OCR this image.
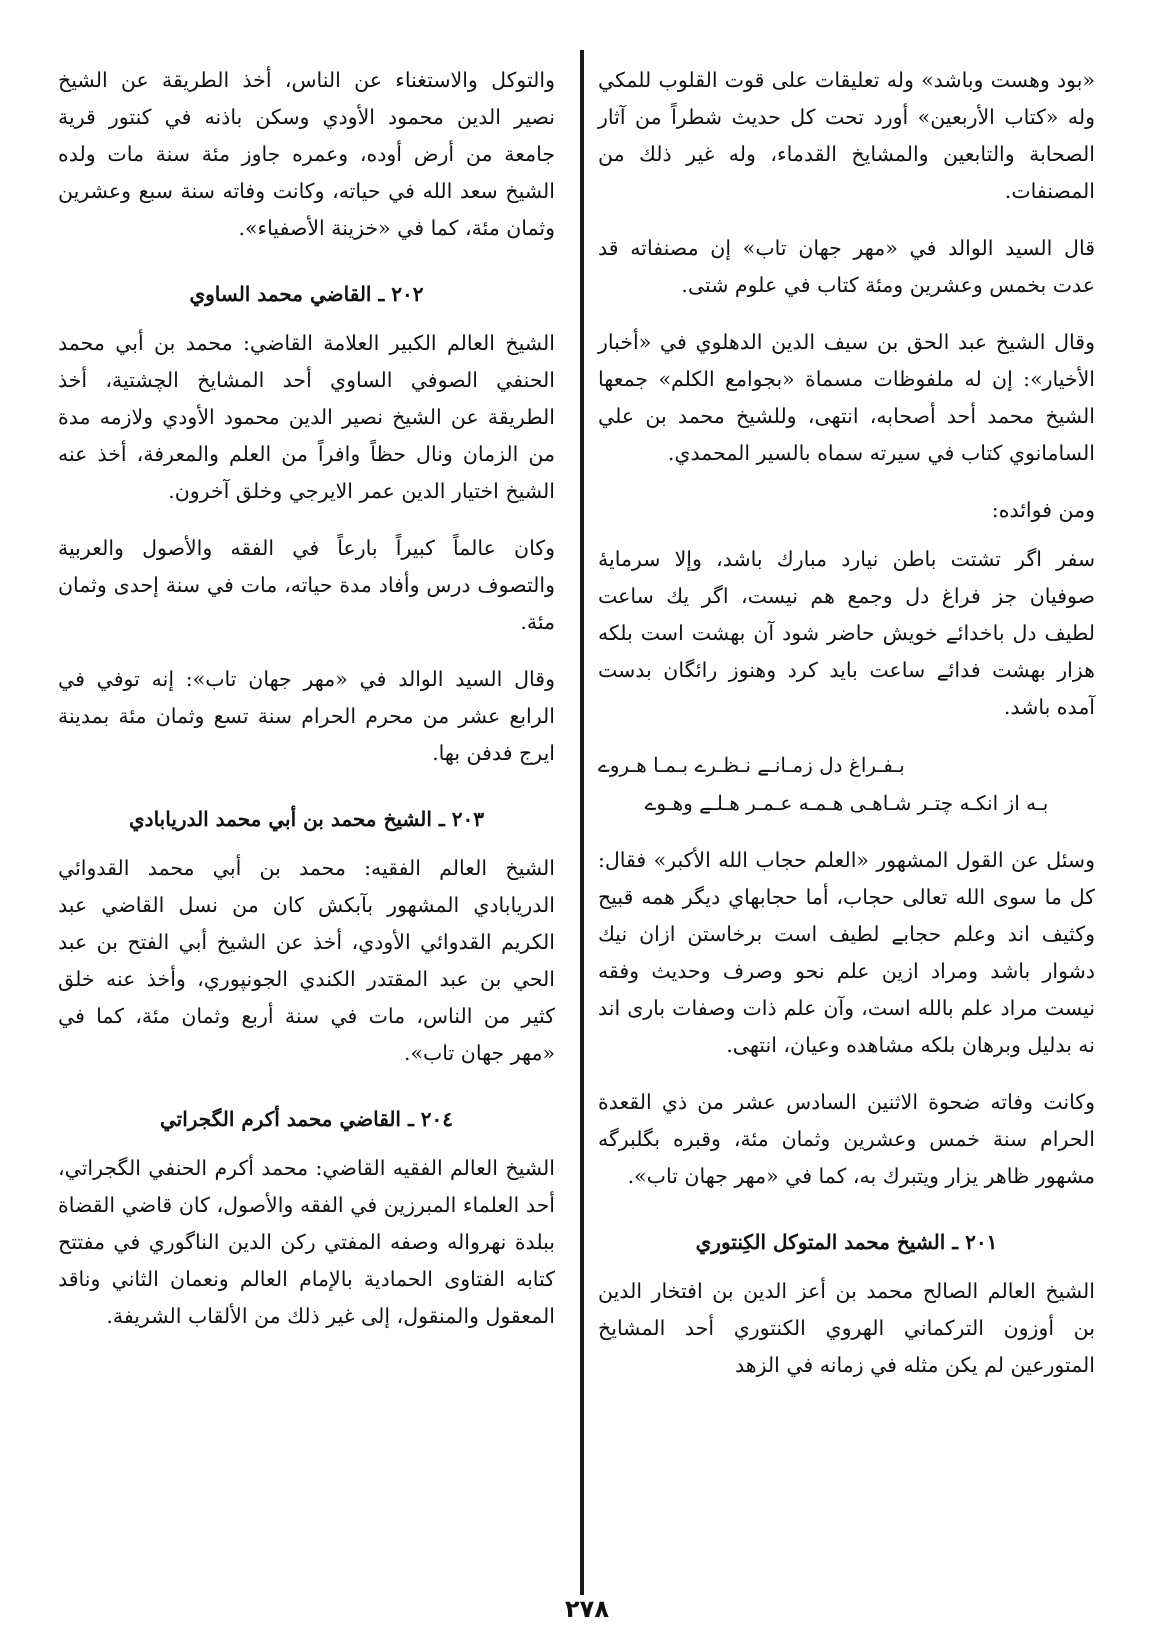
«بود وهست وباشد» وله تعليقات على قوت القلوب للمكي وله «كتاب الأربعين» أورد تحت كل حديث شطراً من آثار الصحابة والتابعين والمشايخ القدماء، وله غير ذلك من المصنفات.

قال السيد الوالد في «مهر جهان تاب» إن مصنفاته قد عدت بخمس وعشرين ومئة كتاب في علوم شتى.

وقال الشيخ عبد الحق بن سيف الدين الدهلوي في «أخبار الأخيار»: إن له ملفوظات مسماة «بجوامع الكلم» جمعها الشيخ محمد أحد أصحابه، انتهى، وللشيخ محمد بن علي السامانوي كتاب في سيرته سماه بالسير المحمدي.

ومن فوائده:

سفر اگر تشتت باطن نيارد مبارك باشد، وإلا سرمايهٔ صوفيان جز فراغ دل وجمع هم نيست، اگر يك ساعت لطيف دل باخدائے خويش حاضر شود آن بهشت است بلكه هزار بهشت فدائے ساعت بايد كرد وهنوز رائگان بدست آمده باشد.

بـفـراغ دل زمـانـے نـظـرے بـمـا هـروے

بـه از انكـه چتـر شـاهـى هـمـه عـمـر هـلـے وهـوے

وسئل عن القول المشهور «العلم حجاب الله الأكبر» فقال: كل ما سوى الله تعالى حجاب، أما حجابهاي ديگر همه قبيح وكثيف اند وعلم حجابے لطيف است برخاستن ازان نيك دشوار باشد ومراد ازين علم نحو وصرف وحديث وفقه نيست مراد علم بالله است، وآن علم ذات وصفات بارى اند نه بدليل وبرهان بلكه مشاهده وعيان، انتهى.

وكانت وفاته ضحوة الاثنين السادس عشر من ذي القعدة الحرام سنة خمس وعشرين وثمان مئة، وقبره بگلبرگه مشهور ظاهر يزار ويتبرك به، كما في «مهر جهان تاب».

٢٠١ ـ الشيخ محمد المتوكل الكِنتوري

الشيخ العالم الصالح محمد بن أعز الدين بن افتخار الدين بن أوزون التركماني الهروي الكنتوري أحد المشايخ المتورعين لم يكن مثله في زمانه في الزهد

والتوكل والاستغناء عن الناس، أخذ الطريقة عن الشيخ نصير الدين محمود الأودي وسكن باذنه في كنتور قرية جامعة من أرض أوده، وعمره جاوز مئة سنة مات ولده الشيخ سعد الله في حياته، وكانت وفاته سنة سبع وعشرين وثمان مئة، كما في «خزينة الأصفياء».

٢٠٢ ـ القاضي محمد الساوي

الشيخ العالم الكبير العلامة القاضي: محمد بن أبي محمد الحنفي الصوفي الساوي أحد المشايخ الچشتية، أخذ الطريقة عن الشيخ نصير الدين محمود الأودي ولازمه مدة من الزمان ونال حظاً وافراً من العلم والمعرفة، أخذ عنه الشيخ اختيار الدين عمر الايرجي وخلق آخرون.

وكان عالماً كبيراً بارعاً في الفقه والأصول والعربية والتصوف درس وأفاد مدة حياته، مات في سنة إحدى وثمان مئة.

وقال السيد الوالد في «مهر جهان تاب»: إنه توفي في الرابع عشر من محرم الحرام سنة تسع وثمان مئة بمدينة ايرج فدفن بها.

٢٠٣ ـ الشيخ محمد بن أبي محمد الدريابادي

الشيخ العالم الفقيه: محمد بن أبي محمد القدوائي الدريابادي المشهور بآبكش كان من نسل القاضي عبد الكريم القدوائي الأودي، أخذ عن الشيخ أبي الفتح بن عبد الحي بن عبد المقتدر الكندي الجونپوري، وأخذ عنه خلق كثير من الناس، مات في سنة أربع وثمان مئة، كما في «مهر جهان تاب».

٢٠٤ ـ القاضي محمد أكرم الگجراتي

الشيخ العالم الفقيه القاضي: محمد أكرم الحنفي الگجراتي، أحد العلماء المبرزين في الفقه والأصول، كان قاضي القضاة ببلدة نهرواله وصفه المفتي ركن الدين الناگوري في مفتتح كتابه الفتاوى الحمادية بالإمام العالم ونعمان الثاني وناقد المعقول والمنقول، إلى غير ذلك من الألقاب الشريفة.

٢٧٨
